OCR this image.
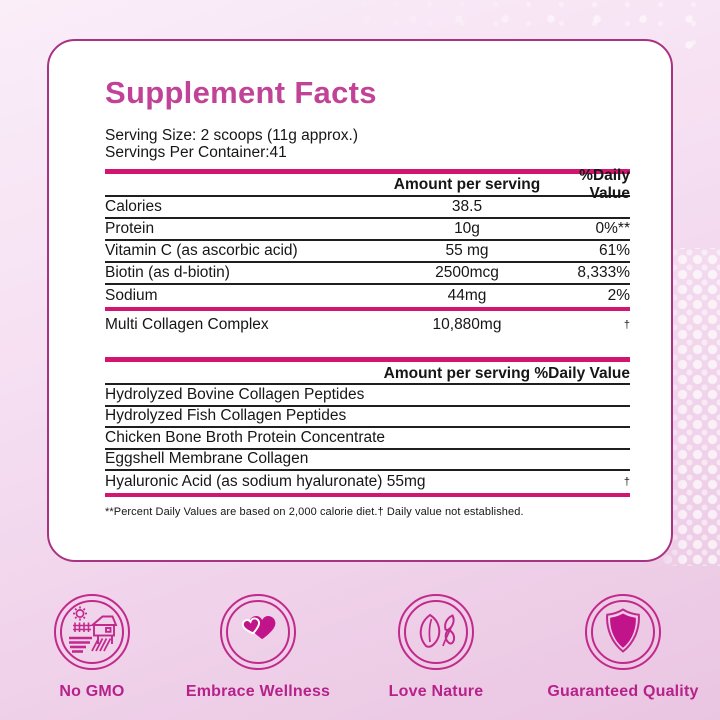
Supplement Facts
Serving Size: 2 scoops (11g approx.)
Servings Per Container:41
Amount per serving
%Daily Value
Calories	38.5
Protein	10g	0%**
Vitamin C (as ascorbic acid)	55 mg	61%
Biotin (as d-biotin)	2500mcg	8,333%
Sodium	44mg	2%
Multi Collagen Complex	10,880mg	†
Amount per serving %Daily Value
Hydrolyzed Bovine Collagen Peptides
Hydrolyzed Fish Collagen Peptides
Chicken Bone Broth Protein Concentrate
Eggshell Membrane Collagen
Hyaluronic Acid (as sodium hyaluronate) 55mg	†
**Percent Daily Values are based on 2,000 calorie diet.† Daily value not established.
No GMO	Embrace Wellness	Love Nature	Guaranteed Quality
